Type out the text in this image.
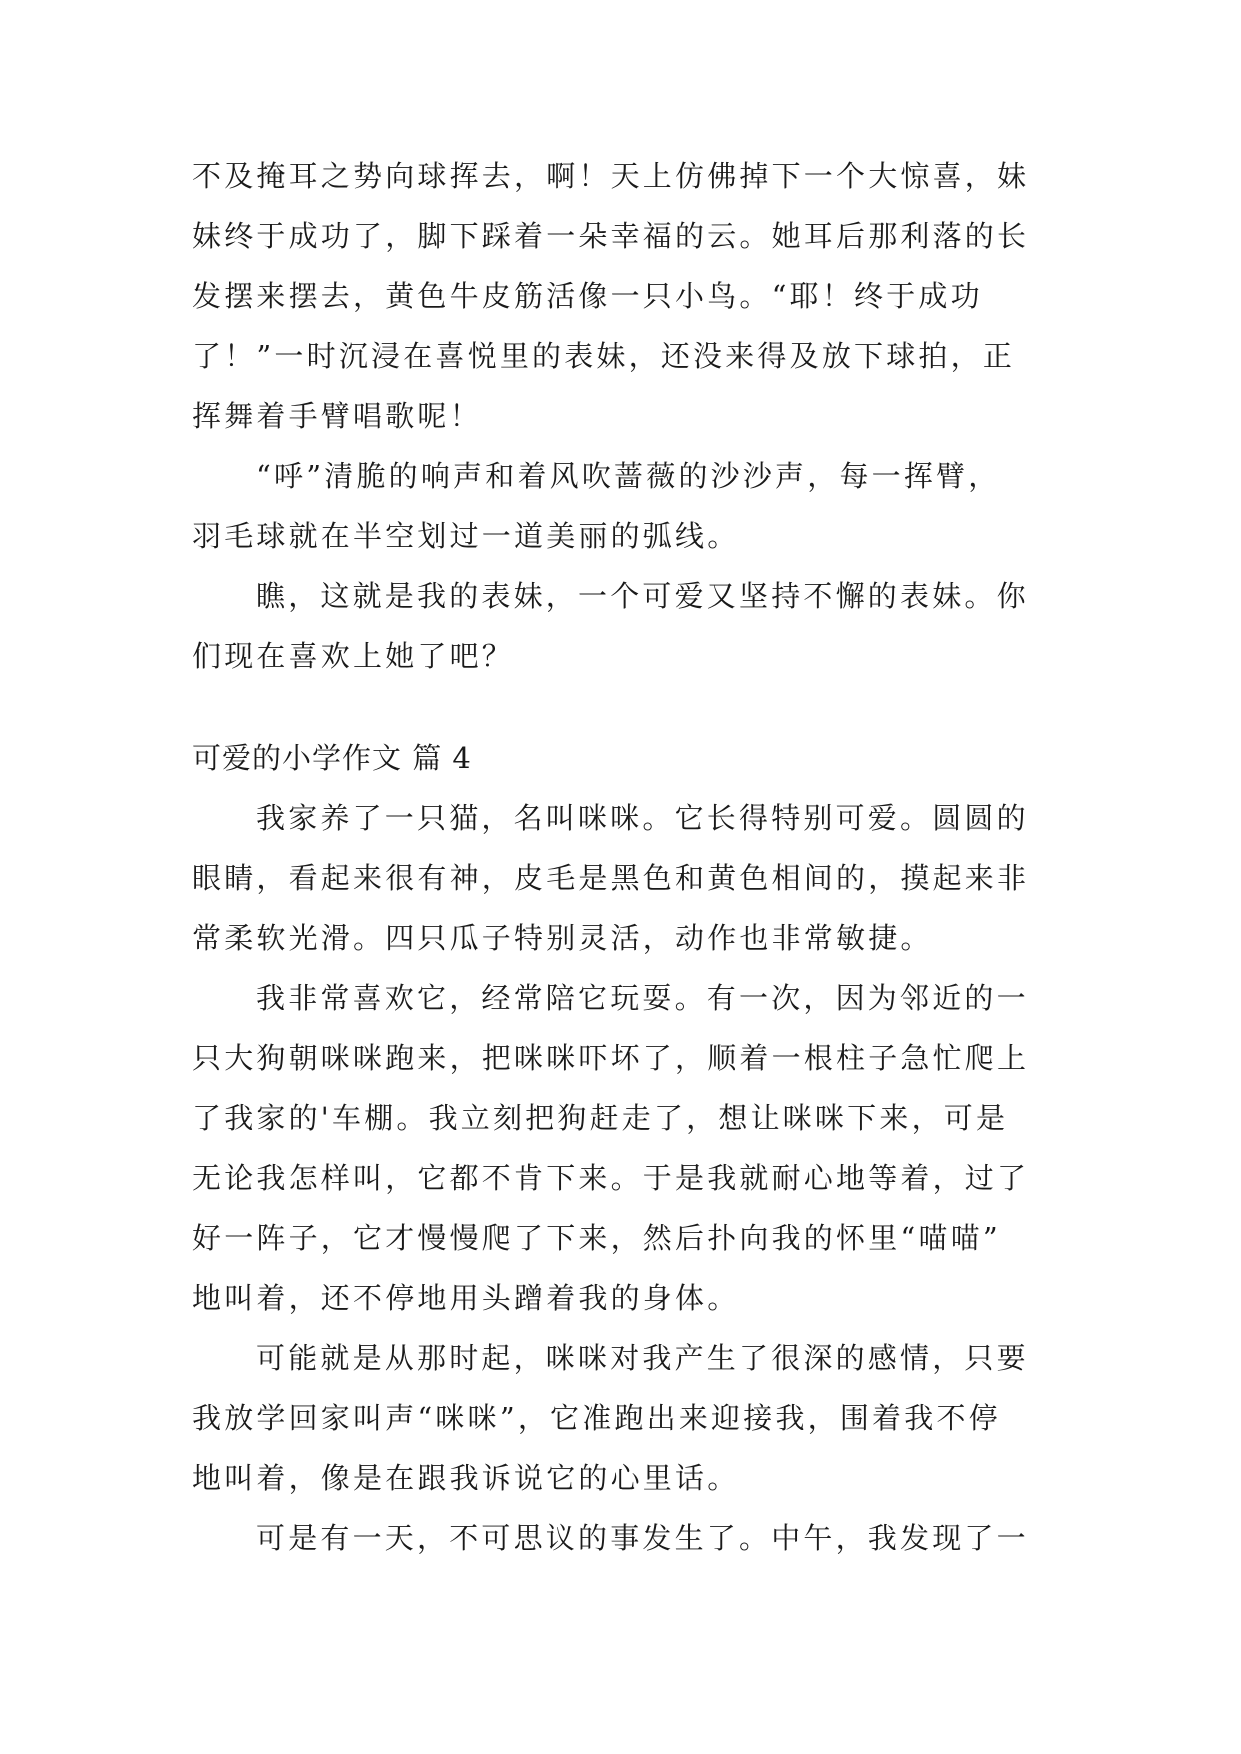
不及掩耳之势向球挥去，啊！天上仿佛掉下一个大惊喜，妹
妹终于成功了，脚下踩着一朵幸福的云。她耳后那利落的长
发摆来摆去，黄色牛皮筋活像一只小鸟。“耶！终于成功
了！”一时沉浸在喜悦里的表妹，还没来得及放下球拍，正
挥舞着手臂唱歌呢！
“呼”清脆的响声和着风吹蔷薇的沙沙声，每一挥臂，
羽毛球就在半空划过一道美丽的弧线。
瞧，这就是我的表妹，一个可爱又坚持不懈的表妹。你
们现在喜欢上她了吧？
可爱的小学作文 篇 4
我家养了一只猫，名叫咪咪。它长得特别可爱。圆圆的
眼睛，看起来很有神，皮毛是黑色和黄色相间的，摸起来非
常柔软光滑。四只瓜子特别灵活，动作也非常敏捷。
我非常喜欢它，经常陪它玩耍。有一次，因为邻近的一
只大狗朝咪咪跑来，把咪咪吓坏了，顺着一根柱子急忙爬上
了我家的'车棚。我立刻把狗赶走了，想让咪咪下来，可是
无论我怎样叫，它都不肯下来。于是我就耐心地等着，过了
好一阵子，它才慢慢爬了下来，然后扑向我的怀里“喵喵”
地叫着，还不停地用头蹭着我的身体。
可能就是从那时起，咪咪对我产生了很深的感情，只要
我放学回家叫声“咪咪”，它准跑出来迎接我，围着我不停
地叫着，像是在跟我诉说它的心里话。
可是有一天，不可思议的事发生了。中午，我发现了一
